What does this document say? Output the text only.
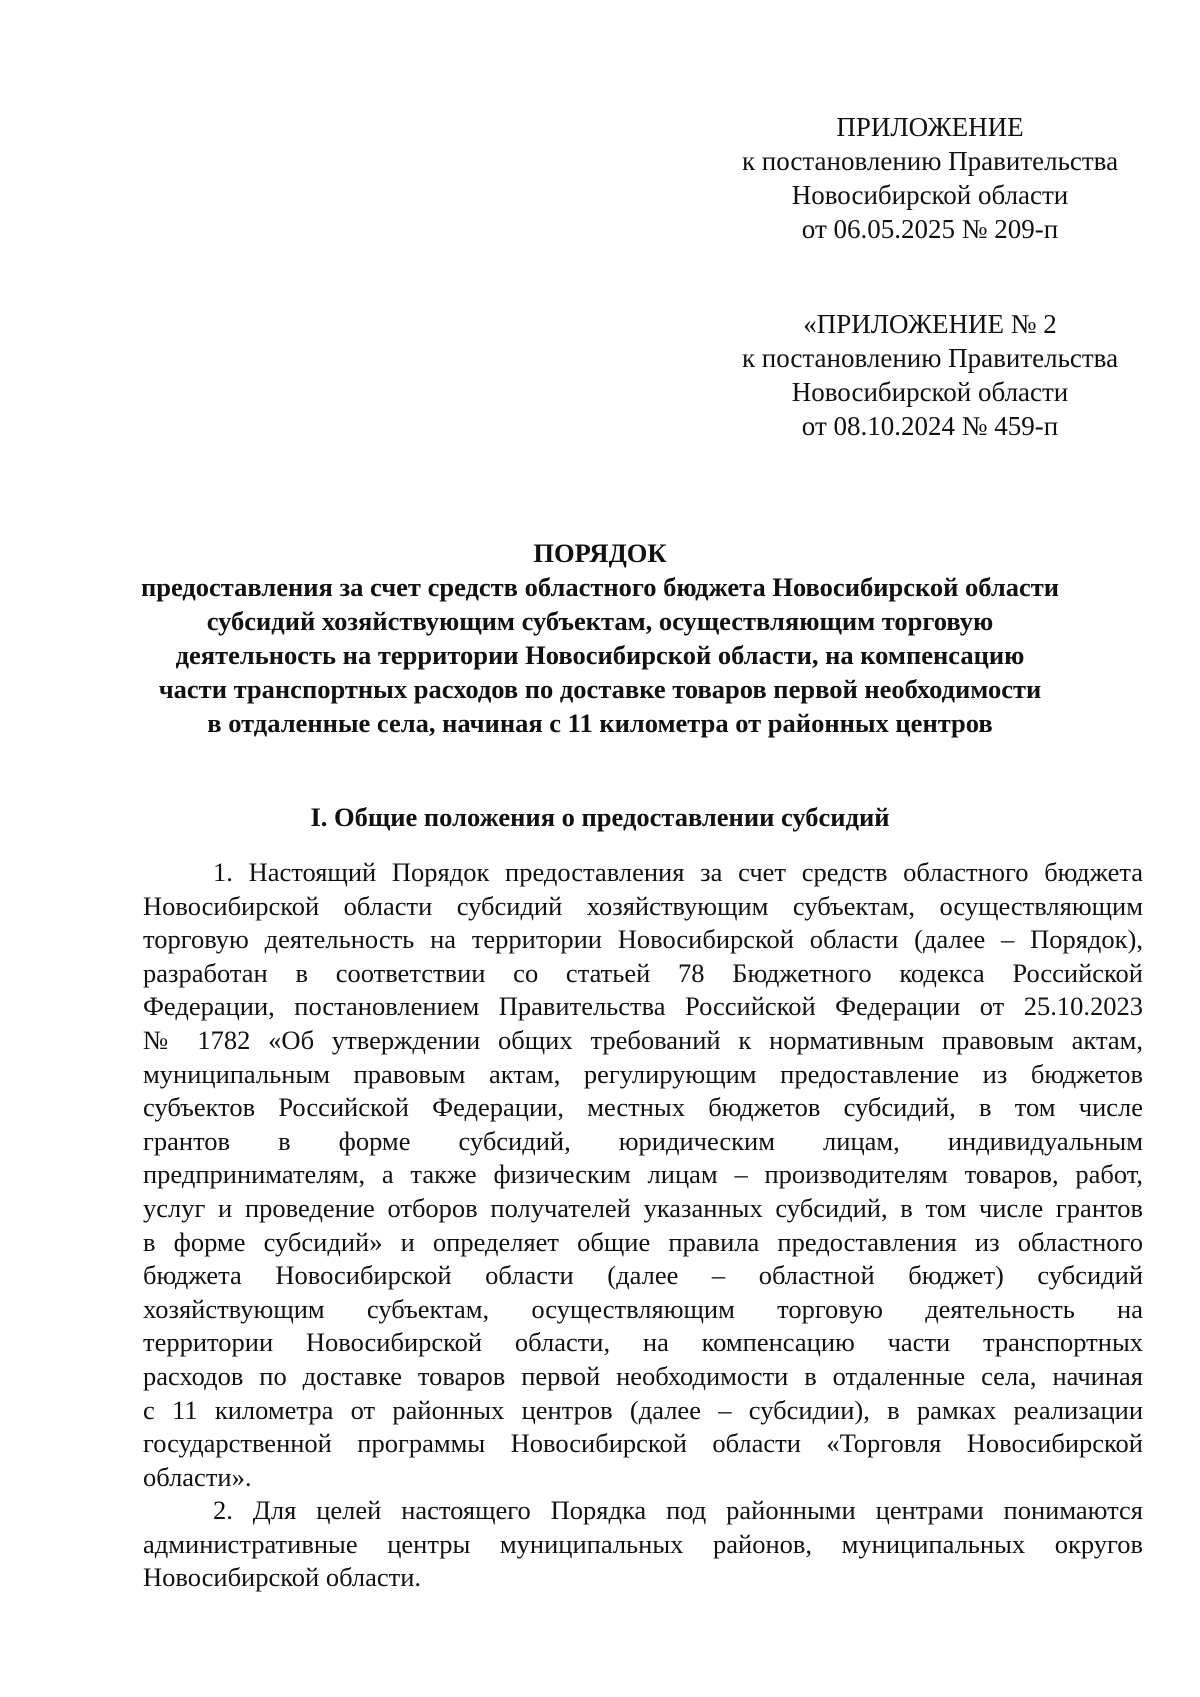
ПРИЛОЖЕНИЕ
к постановлению Правительства
Новосибирской области
от 06.05.2025 № 209-п
«ПРИЛОЖЕНИЕ № 2
к постановлению Правительства
Новосибирской области
от 08.10.2024 № 459-п
ПОРЯДОК
предоставления за счет средств областного бюджета Новосибирской области
субсидий хозяйствующим субъектам, осуществляющим торговую
деятельность на территории Новосибирской области, на компенсацию
части транспортных расходов по доставке товаров первой необходимости
в отдаленные села, начиная с 11 километра от районных центров
I. Общие положения о предоставлении субсидий
1. Настоящий Порядок предоставления за счет средств областного бюджета
Новосибирской области субсидий хозяйствующим субъектам, осуществляющим
торговую деятельность на территории Новосибирской области (далее – Порядок),
разработан в соответствии со статьей 78 Бюджетного кодекса Российской
Федерации, постановлением Правительства Российской Федерации от 25.10.2023
№ 1782 «Об утверждении общих требований к нормативным правовым актам,
муниципальным правовым актам, регулирующим предоставление из бюджетов
субъектов Российской Федерации, местных бюджетов субсидий, в том числе
грантов в форме субсидий, юридическим лицам, индивидуальным
предпринимателям, а также физическим лицам – производителям товаров, работ,
услуг и проведение отборов получателей указанных субсидий, в том числе грантов
в форме субсидий» и определяет общие правила предоставления из областного
бюджета Новосибирской области (далее – областной бюджет) субсидий
хозяйствующим субъектам, осуществляющим торговую деятельность на
территории Новосибирской области, на компенсацию части транспортных
расходов по доставке товаров первой необходимости в отдаленные села, начиная
с 11 километра от районных центров (далее – субсидии), в рамках реализации
государственной программы Новосибирской области «Торговля Новосибирской
области».
2. Для целей настоящего Порядка под районными центрами понимаются
административные центры муниципальных районов, муниципальных округов
Новосибирской области.
